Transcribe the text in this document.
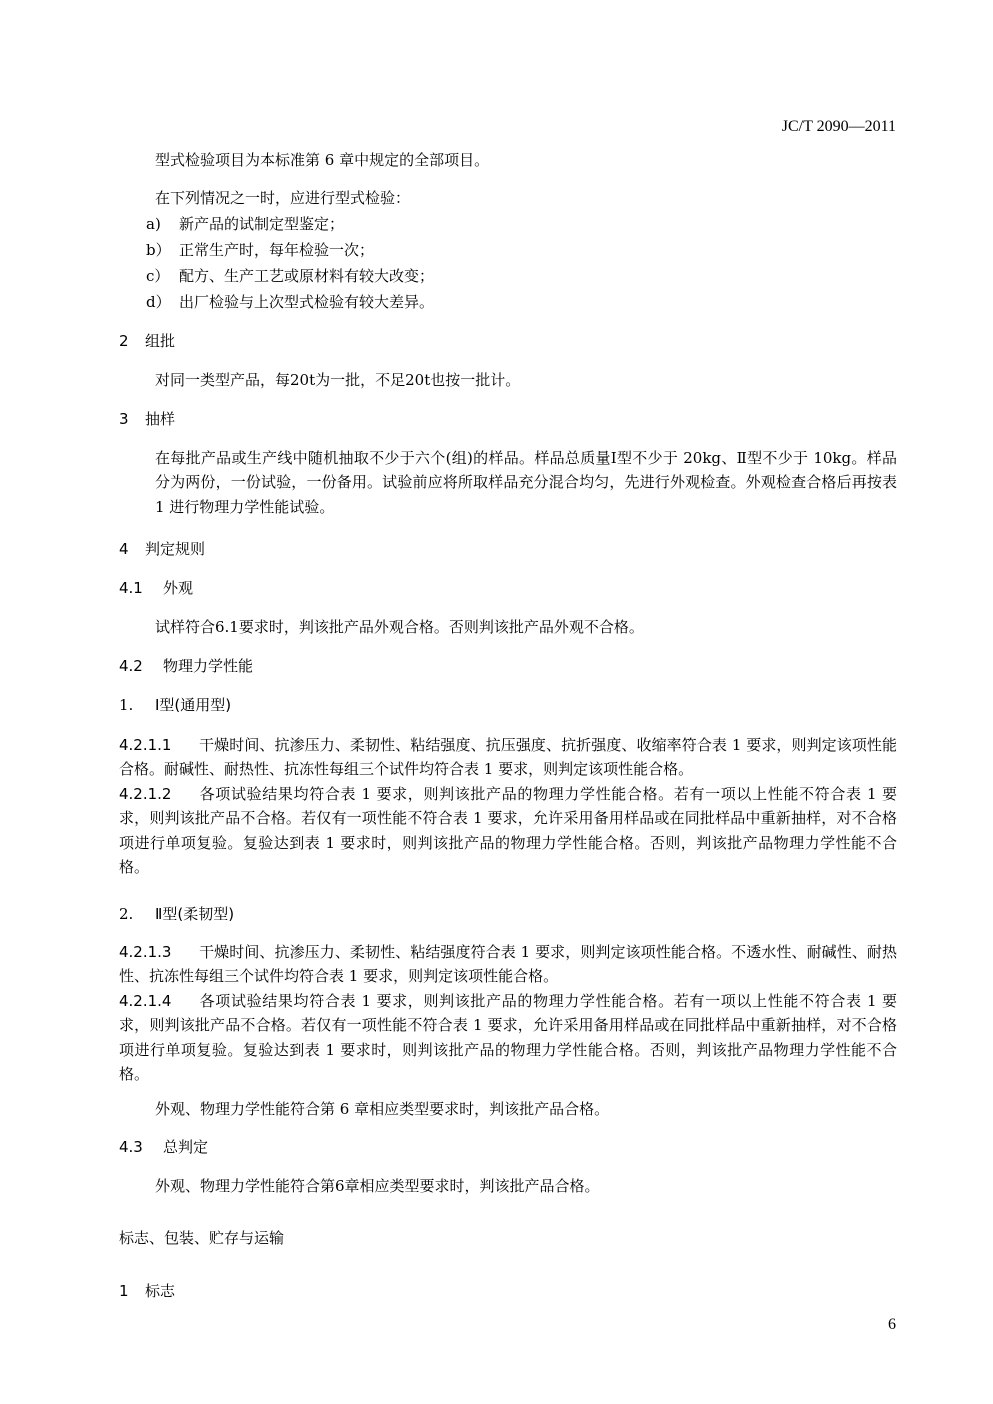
JC/T 2090—2011
型式检验项目为本标准第 6 章中规定的全部项目。
在下列情况之一时，应进行型式检验：
a) 新产品的试制定型鉴定；
b） 正常生产时，每年检验一次；
c） 配方、生产工艺或原材料有较大改变；
d） 出厂检验与上次型式检验有较大差异。
2 组批
对同一类型产品，每20t为一批，不足20t也按一批计。
3 抽样
在每批产品或生产线中随机抽取不少于六个(组)的样品。样品总质量Ⅰ型不少于 20kg、Ⅱ型不少于 10kg。样品分为两份，一份试验，一份备用。试验前应将所取样品充分混合均匀，先进行外观检查。外观检查合格后再按表 1 进行物理力学性能试验。
4 判定规则
4.1 外观
试样符合6.1要求时，判该批产品外观合格。否则判该批产品外观不合格。
4.2 物理力学性能
1. Ⅰ型(通用型)
4.2.1.1 干燥时间、抗渗压力、柔韧性、粘结强度、抗压强度、抗折强度、收缩率符合表 1 要求，则判定该项性能合格。耐碱性、耐热性、抗冻性每组三个试件均符合表 1 要求，则判定该项性能合格。
4.2.1.2 各项试验结果均符合表 1 要求，则判该批产品的物理力学性能合格。若有一项以上性能不符合表 1 要求，则判该批产品不合格。若仅有一项性能不符合表 1 要求，允许采用备用样品或在同批样品中重新抽样，对不合格项进行单项复验。复验达到表 1 要求时，则判该批产品的物理力学性能合格。否则，判该批产品物理力学性能不合格。
2. Ⅱ型(柔韧型)
4.2.1.3 干燥时间、抗渗压力、柔韧性、粘结强度符合表 1 要求，则判定该项性能合格。不透水性、耐碱性、耐热性、抗冻性每组三个试件均符合表 1 要求，则判定该项性能合格。
4.2.1.4 各项试验结果均符合表 1 要求，则判该批产品的物理力学性能合格。若有一项以上性能不符合表 1 要求，则判该批产品不合格。若仅有一项性能不符合表 1 要求，允许采用备用样品或在同批样品中重新抽样，对不合格项进行单项复验。复验达到表 1 要求时，则判该批产品的物理力学性能合格。否则，判该批产品物理力学性能不合格。
外观、物理力学性能符合第 6 章相应类型要求时，判该批产品合格。
4.3 总判定
外观、物理力学性能符合第6章相应类型要求时，判该批产品合格。
标志、包装、贮存与运输
1 标志
6
